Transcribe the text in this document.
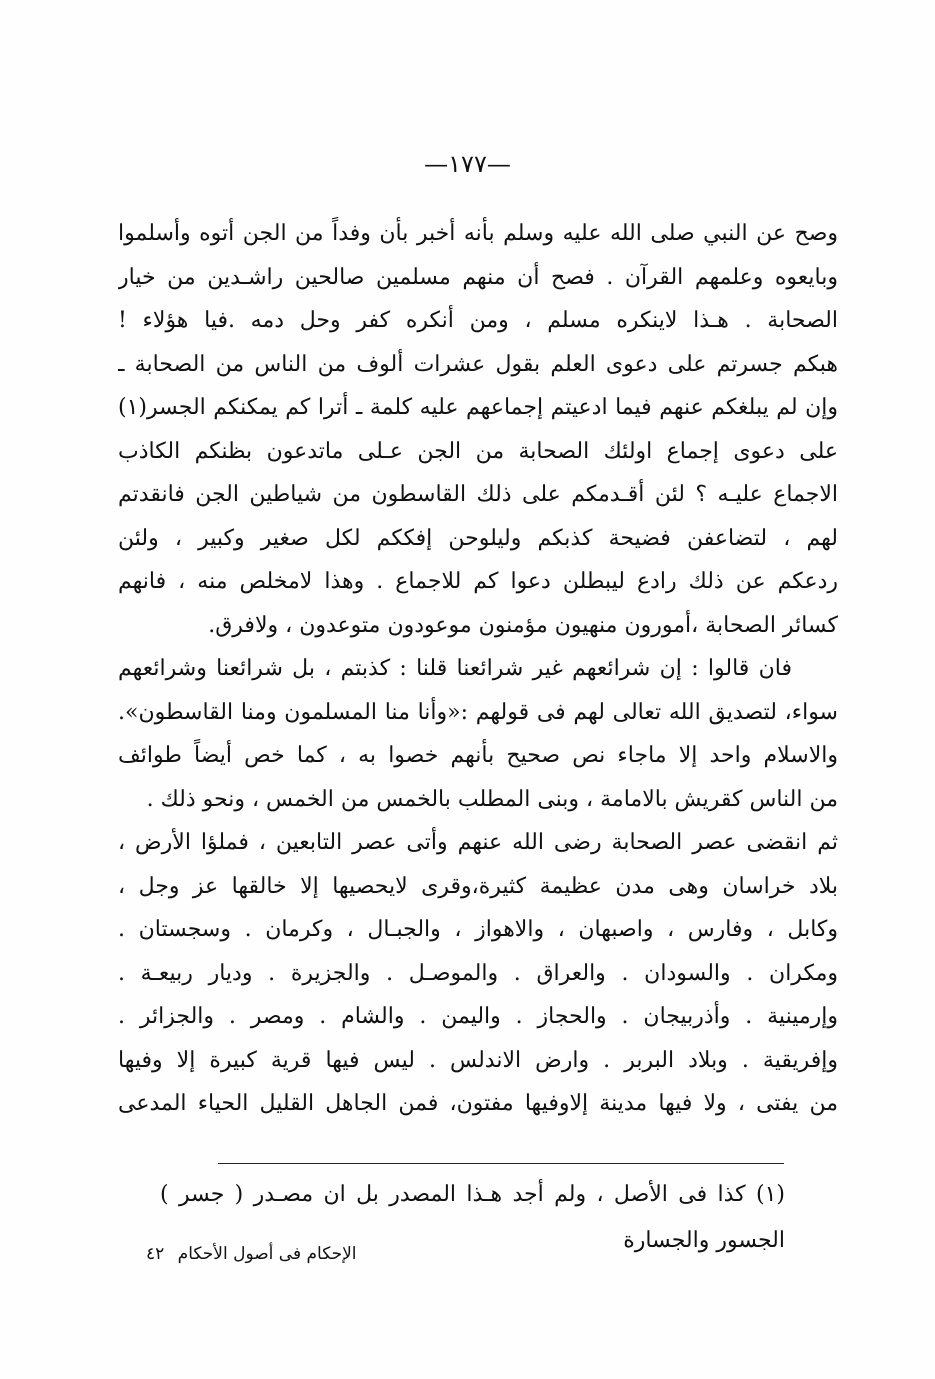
—١٧٧—
وصح عن النبي صلى الله عليه وسلم بأنه أخبر بأن وفداً من الجن أتوه وأسلموا
وبايعوه وعلمهم القرآن . فصح أن منهم مسلمين صالحين راشـدين من خيار
الصحابة . هـذا لاينكره مسلم ، ومن أنكره كفر وحل دمه .فيا هؤلاء !
هبكم جسرتم على دعوى العلم بقول عشرات ألوف من الناس من الصحابة ـ
وإن لم يبلغكم عنهم فيما ادعيتم إجماعهم عليه كلمة ـ أترا كم يمكنكم الجسر(١)
على دعوى إجماع اولئك الصحابة من الجن عـلى ماتدعون بظنكم الكاذب
الاجماع عليـه ؟ لئن أقـدمكم على ذلك القاسطون من شياطين الجن فانقدتم
لهم ، لتضاعفن فضيحة كذبكم وليلوحن إفككم لكل صغير وكبير ، ولئن
ردعكم عن ذلك رادع ليبطلن دعوا كم للاجماع . وهذا لامخلص منه ، فانهم
كسائر الصحابة ،أمورون منهيون مؤمنون موعودون متوعدون ، ولافرق.
فان قالوا : إن شرائعهم غير شرائعنا قلنا : كذبتم ، بل شرائعنا وشرائعهم
سواء، لتصديق الله تعالى لهم فى قولهم :«وأنا منا المسلمون ومنا القاسطون».
والاسلام واحد إلا ماجاء نص صحيح بأنهم خصوا به ، كما خص أيضاً طوائف
من الناس كقريش بالامامة ، وبنى المطلب بالخمس من الخمس ، ونحو ذلك .
ثم انقضى عصر الصحابة رضى الله عنهم وأتى عصر التابعين ، فملؤا الأرض ،
بلاد خراسان وهى مدن عظيمة كثيرة،وقرى لايحصيها إلا خالقها عز وجل ،
وكابل ، وفارس ، واصبهان ، والاهواز ، والجبـال ، وكرمان . وسجستان .
ومكران . والسودان . والعراق . والموصـل . والجزيرة . وديار ربيعـة .
وإرمينية . وأذربيجان . والحجاز . واليمن . والشام . ومصر . والجزائر .
وإفريقية . وبلاد البربر . وارض الاندلس . ليس فيها قرية كبيرة إلا وفيها
من يفتى ، ولا فيها مدينة إلاوفيها مفتون، فمن الجاهل القليل الحياء المدعى
(١) كذا فى الأصل ، ولم أجد هـذا المصدر بل ان مصـدر ( جسر )
الجسور والجسارة
الإحكام فى أصول الأحكام ٤٢
